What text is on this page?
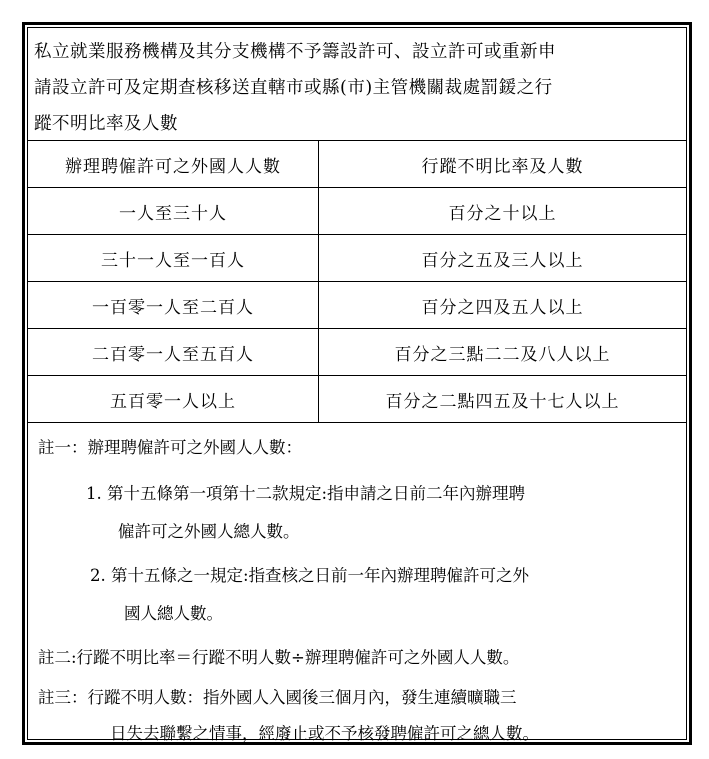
私立就業服務機構及其分支機構不予籌設許可、設立許可或重新申
請設立許可及定期查核移送直轄市或縣(市)主管機關裁處罰鍰之行
蹤不明比率及人數
辦理聘僱許可之外國人人數	行蹤不明比率及人數
一人至三十人	百分之十以上
三十一人至一百人	百分之五及三人以上
一百零一人至二百人	百分之四及五人以上
二百零一人至五百人	百分之三點二二及八人以上
五百零一人以上	百分之二點四五及十七人以上
註一：辦理聘僱許可之外國人人數：
1. 第十五條第一項第十二款規定:指申請之日前二年內辦理聘
僱許可之外國人總人數。
2. 第十五條之一規定:指查核之日前一年內辦理聘僱許可之外
國人總人數。
註二:行蹤不明比率＝行蹤不明人數÷辦理聘僱許可之外國人人數。
註三：行蹤不明人數：指外國人入國後三個月內，發生連續曠職三
日失去聯繫之情事，經廢止或不予核發聘僱許可之總人數。
